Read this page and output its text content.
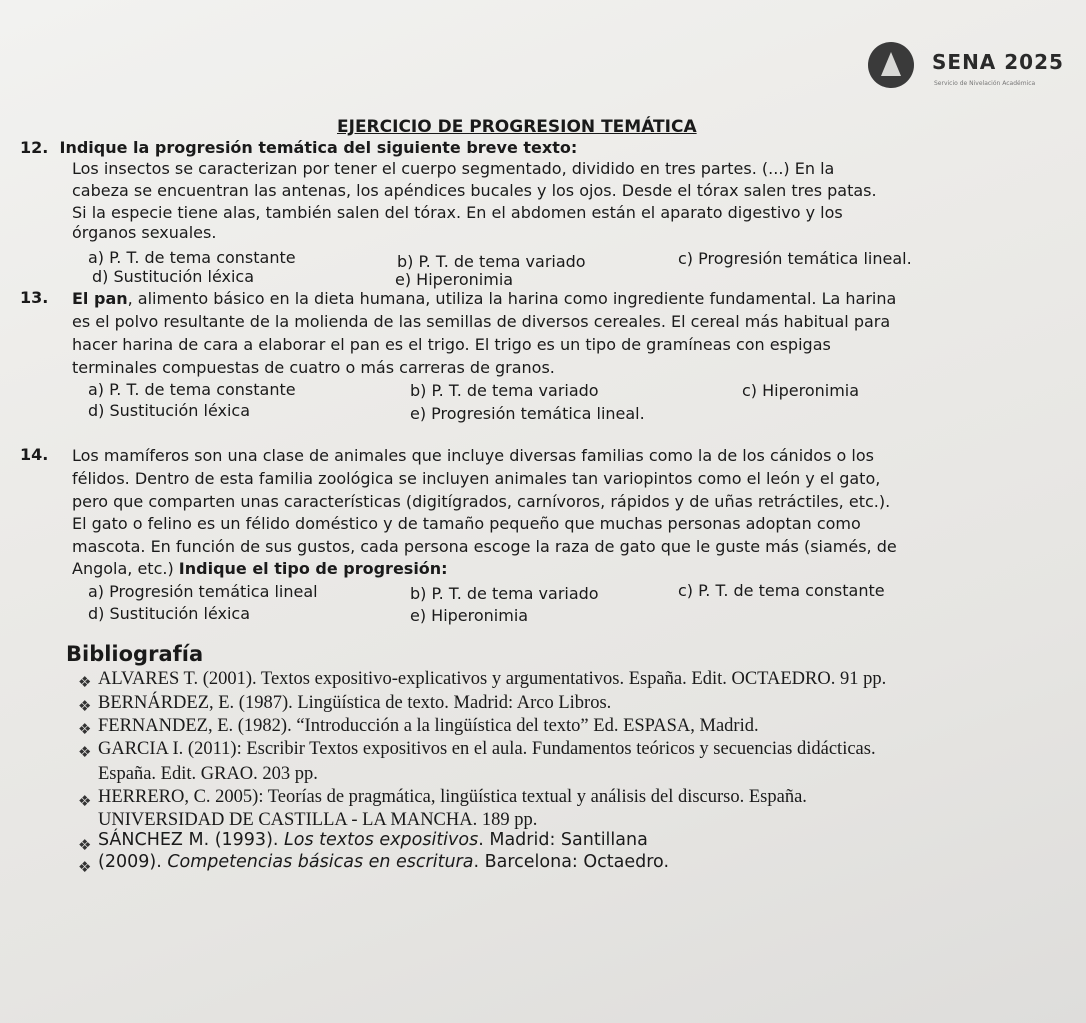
SENA 2025
Servicio de Nivelación Académica
EJERCICIO DE PROGRESION TEMÁTICA
12. Indique la progresión temática del siguiente breve texto:
Los insectos se caracterizan por tener el cuerpo segmentado, dividido en tres partes. (...) En la
cabeza se encuentran las antenas, los apéndices bucales y los ojos. Desde el tórax salen tres patas.
Si la especie tiene alas, también salen del tórax. En el abdomen están el aparato digestivo y los
órganos sexuales.
a) P. T. de tema constante	b) P. T. de tema variado	c) Progresión temática lineal.
d) Sustitución léxica	e) Hiperonimia
13. El pan, alimento básico en la dieta humana, utiliza la harina como ingrediente fundamental. La harina
es el polvo resultante de la molienda de las semillas de diversos cereales. El cereal más habitual para
hacer harina de cara a elaborar el pan es el trigo. El trigo es un tipo de gramíneas con espigas
terminales compuestas de cuatro o más carreras de granos.
a) P. T. de tema constante	b) P. T. de tema variado	c) Hiperonimia
d) Sustitución léxica	e) Progresión temática lineal.
14. Los mamíferos son una clase de animales que incluye diversas familias como la de los cánidos o los
félidos. Dentro de esta familia zoológica se incluyen animales tan variopintos como el león y el gato,
pero que comparten unas características (digitígrados, carnívoros, rápidos y de uñas retráctiles, etc.).
El gato o felino es un félido doméstico y de tamaño pequeño que muchas personas adoptan como
mascota. En función de sus gustos, cada persona escoge la raza de gato que le guste más (siamés, de
Angola, etc.) Indique el tipo de progresión:
a) Progresión temática lineal	b) P. T. de tema variado	c) P. T. de tema constante
d) Sustitución léxica	e) Hiperonimia
Bibliografía
❖ ALVARES T. (2001). Textos expositivo-explicativos y argumentativos. España. Edit. OCTAEDRO. 91 pp.
❖ BERNÁRDEZ, E. (1987). Lingüística de texto. Madrid: Arco Libros.
❖ FERNANDEZ, E. (1982). “Introducción a la lingüística del texto” Ed. ESPASA, Madrid.
❖ GARCIA I. (2011): Escribir Textos expositivos en el aula. Fundamentos teóricos y secuencias didácticas.
España. Edit. GRAO. 203 pp.
❖ HERRERO, C. 2005): Teorías de pragmática, lingüística textual y análisis del discurso. España.
UNIVERSIDAD DE CASTILLA - LA MANCHA. 189 pp.
❖ SÁNCHEZ M. (1993). Los textos expositivos. Madrid: Santillana
❖ (2009). Competencias básicas en escritura. Barcelona: Octaedro.
